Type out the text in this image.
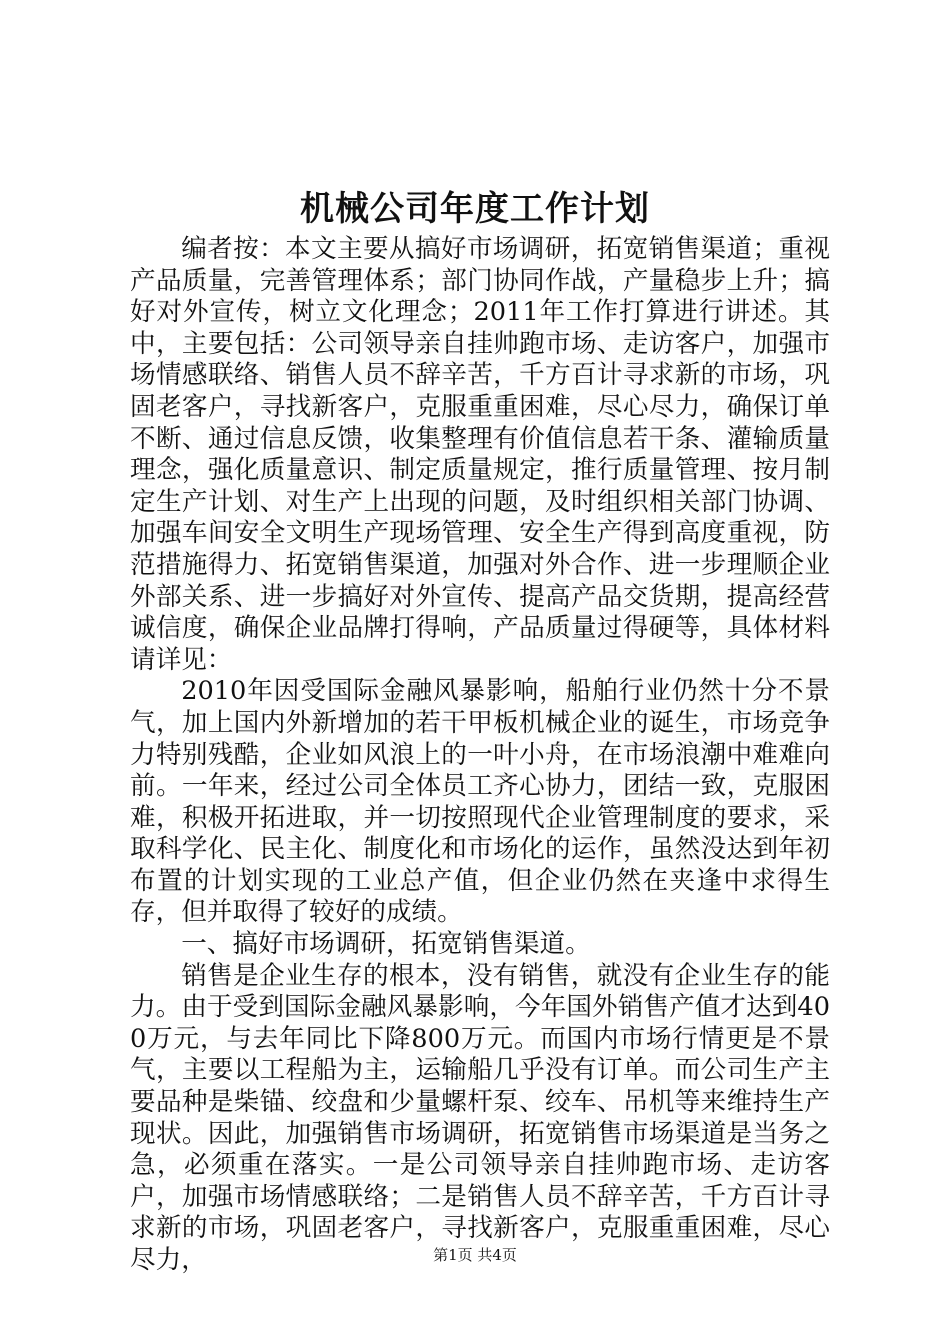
机械公司年度工作计划

编者按：本文主要从搞好市场调研，拓宽销售渠道；重视产品质量，完善管理体系；部门协同作战，产量稳步上升；搞好对外宣传，树立文化理念；2011年工作打算进行讲述。其中，主要包括：公司领导亲自挂帅跑市场、走访客户，加强市场情感联络、销售人员不辞辛苦，千方百计寻求新的市场，巩固老客户，寻找新客户，克服重重困难，尽心尽力，确保订单不断、通过信息反馈，收集整理有价值信息若干条、灌输质量理念，强化质量意识、制定质量规定，推行质量管理、按月制定生产计划、对生产上出现的问题，及时组织相关部门协调、加强车间安全文明生产现场管理、安全生产得到高度重视，防范措施得力、拓宽销售渠道，加强对外合作、进一步理顺企业外部关系、进一步搞好对外宣传、提高产品交货期，提高经营诚信度，确保企业品牌打得响，产品质量过得硬等，具体材料请详见：

2010年因受国际金融风暴影响，船舶行业仍然十分不景气，加上国内外新增加的若干甲板机械企业的诞生，市场竞争力特别残酷，企业如风浪上的一叶小舟，在市场浪潮中难难向前。一年来，经过公司全体员工齐心协力，团结一致，克服困难，积极开拓进取，并一切按照现代企业管理制度的要求，采取科学化、民主化、制度化和市场化的运作，虽然没达到年初布置的计划实现的工业总产值，但企业仍然在夹逢中求得生存，但并取得了较好的成绩。

一、搞好市场调研，拓宽销售渠道。

销售是企业生存的根本，没有销售，就没有企业生存的能力。由于受到国际金融风暴影响，今年国外销售产值才达到400万元，与去年同比下降800万元。而国内市场行情更是不景气，主要以工程船为主，运输船几乎没有订单。而公司生产主要品种是柴锚、绞盘和少量螺杆泵、绞车、吊机等来维持生产现状。因此，加强销售市场调研，拓宽销售市场渠道是当务之急，必须重在落实。一是公司领导亲自挂帅跑市场、走访客户，加强市场情感联络；二是销售人员不辞辛苦，千方百计寻求新的市场，巩固老客户，寻找新客户，克服重重困难，尽心尽力，	第1页 共4页
